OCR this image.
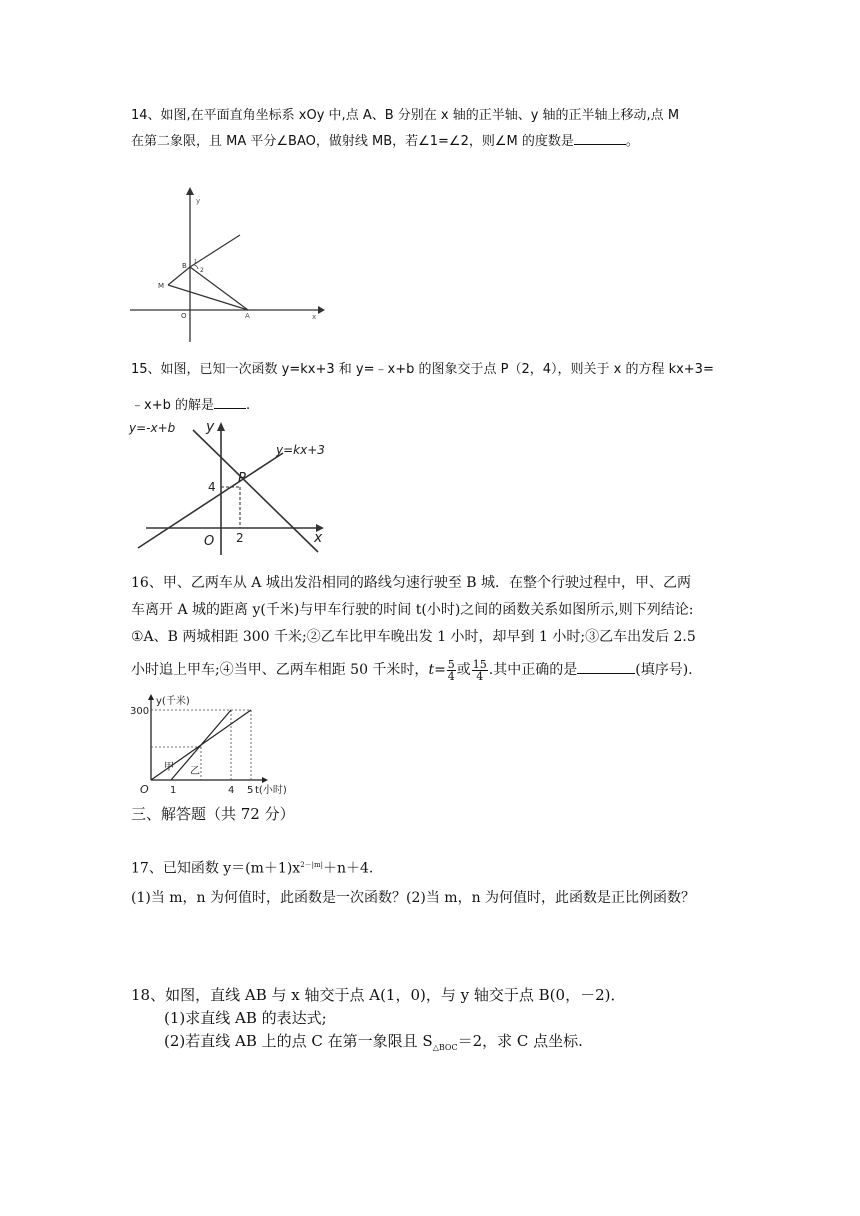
14、如图,在平面直角坐标系 xOy 中,点 A、B 分别在 x 轴的正半轴、y 轴的正半轴上移动,点 M
在第二象限，且 MA 平分∠BAO，做射线 MB，若∠1=∠2，则∠M 的度数是	。
y
x
O	A
B
M
1
2
15、如图，已知一次函数 y=kx+3 和 y=﹣x+b 的图象交于点 P（2，4），则关于 x 的方程 kx+3=
﹣x+b 的解是 .
y=-x+b
y=kx+3
y
x
O
P
4
2
16、甲、乙两车从 A 城出发沿相同的路线匀速行驶至 B 城．在整个行驶过程中，甲、乙两
车离开 A 城的距离 y(千米)与甲车行驶的时间 t(小时)之间的函数关系如图所示,则下列结论:
①A、B 两城相距 300 千米;②乙车比甲车晚出发 1 小时，却早到 1 小时;③乙车出发后 2.5
小时追上甲车;④当甲、乙两车相距 50 千米时，$t= \frac{5}{4}$ 或 $\frac{15}{4}$ .其中正确的是	(填序号).
y(千米)
300
O 1	4 5 t(小时)
甲 乙
三、解答题（共 72 分）
17、已知函数 $y=(m+1)x^{2-|m|}+n+4$.
(1)当 m，n 为何值时，此函数是一次函数？(2)当 m，n 为何值时，此函数是正比例函数？
18、如图，直线 AB 与 x 轴交于点 A(1，0)，与 y 轴交于点 B(0，－2)．
(1)求直线 AB 的表达式;
(2)若直线 AB 上的点 C 在第一象限且 $S_{\triangle BOC}=2$，求 C 点坐标.
